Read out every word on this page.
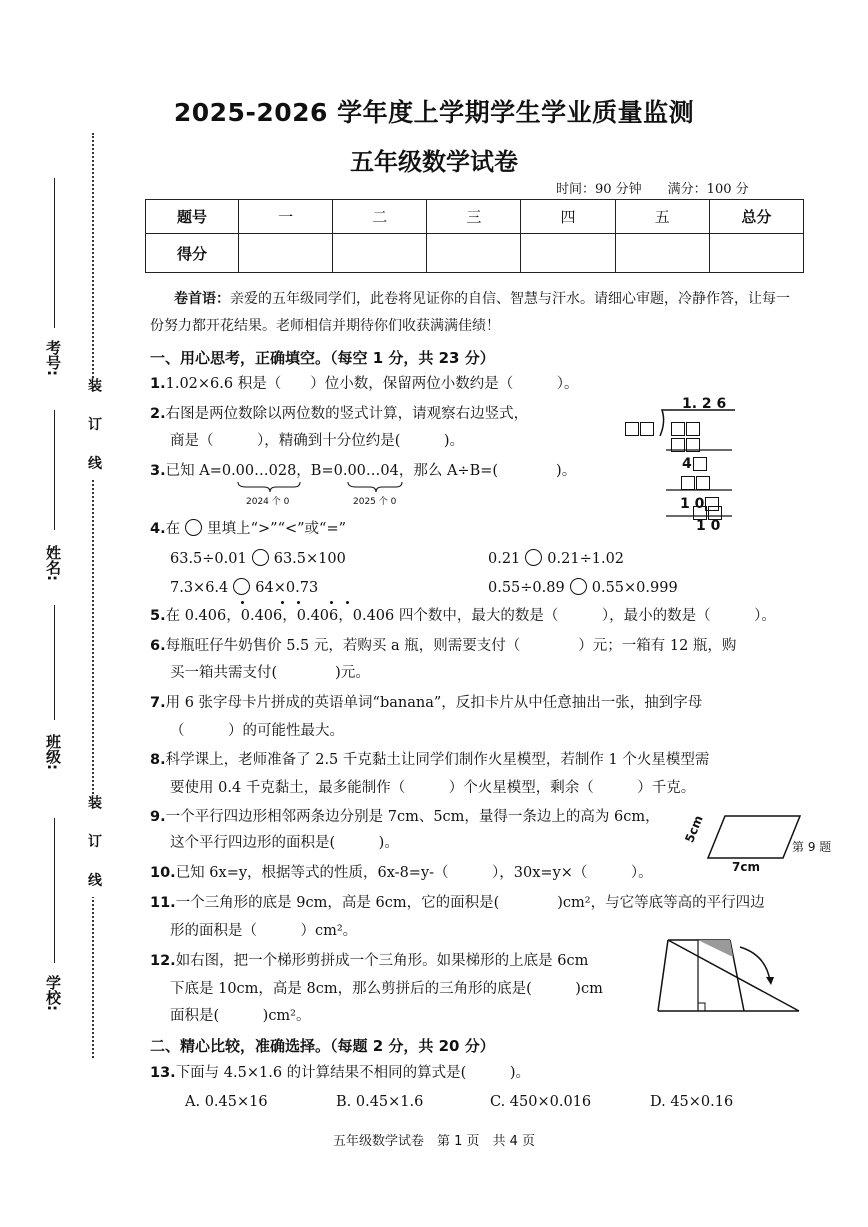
考号:
姓名:
班级:
学校:
装 订 线
装 订 线
2025-2026 学年度上学期学生学业质量监测
五年级数学试卷
时间：90 分钟　　满分：100 分
题号	一	二	三	四	五	总分
得分						
卷首语：亲爱的五年级同学们，此卷将见证你的自信、智慧与汗水。请细心审题，冷静作答，让每一份努力都开花结果。老师相信并期待你们收获满满佳绩！
一、用心思考，正确填空。（每空 1 分，共 23 分）
1.1.02×6.6 积是（　　）位小数，保留两位小数约是（　　　）。
2.右图是两位数除以两位数的竖式计算，请观察右边竖式，
商是（　　　），精确到十分位约是(　　　)。
1. 2 6
4
1 0
1 0
3.已知 A=0.00…028，B=0.00…04，那么 A÷B=(　　　　)。
2024 个 0	2025 个 0
4.在 里填上“>”“<”或“=”
63.5÷0.01 63.5×100	0.21 0.21÷1.02
7.3×6.4 64×0.73	0.55÷0.89 0.55×0.999
5.在 0.406，0.406，0.406，0.406 四个数中，最大的数是（　　　），最小的数是（　　　）。
6.每瓶旺仔牛奶售价 5.5 元，若购买 a 瓶，则需要支付（　　　　）元；一箱有 12 瓶，购
买一箱共需支付(　　　　)元。
7.用 6 张字母卡片拼成的英语单词“banana”，反扣卡片从中任意抽出一张，抽到字母
（　　　）的可能性最大。
8.科学课上，老师准备了 2.5 千克黏土让同学们制作火星模型，若制作 1 个火星模型需
要使用 0.4 千克黏土，最多能制作（　　　）个火星模型，剩余（　　　）千克。
9.一个平行四边形相邻两条边分别是 7cm、5cm，量得一条边上的高为 6cm，
这个平行四边形的面积是(　　　)。	5cm
7cm
第 9 题
10.已知 6x=y，根据等式的性质，6x-8=y-（　　　），30x=y×（　　　）。
11.一个三角形的底是 9cm，高是 6cm，它的面积是(　　　　)cm²，与它等底等高的平行四边
形的面积是（　　　）cm²。
12.如右图，把一个梯形剪拼成一个三角形。如果梯形的上底是 6cm
下底是 10cm，高是 8cm，那么剪拼后的三角形的底是(　　　)cm
面积是(　　　)cm²。
二、精心比较，准确选择。（每题 2 分，共 20 分）
13.下面与 4.5×1.6 的计算结果不相同的算式是(　　　)。
A. 0.45×16	B. 0.45×1.6	C. 450×0.016	D. 45×0.16
五年级数学试卷　第 1 页　共 4 页
